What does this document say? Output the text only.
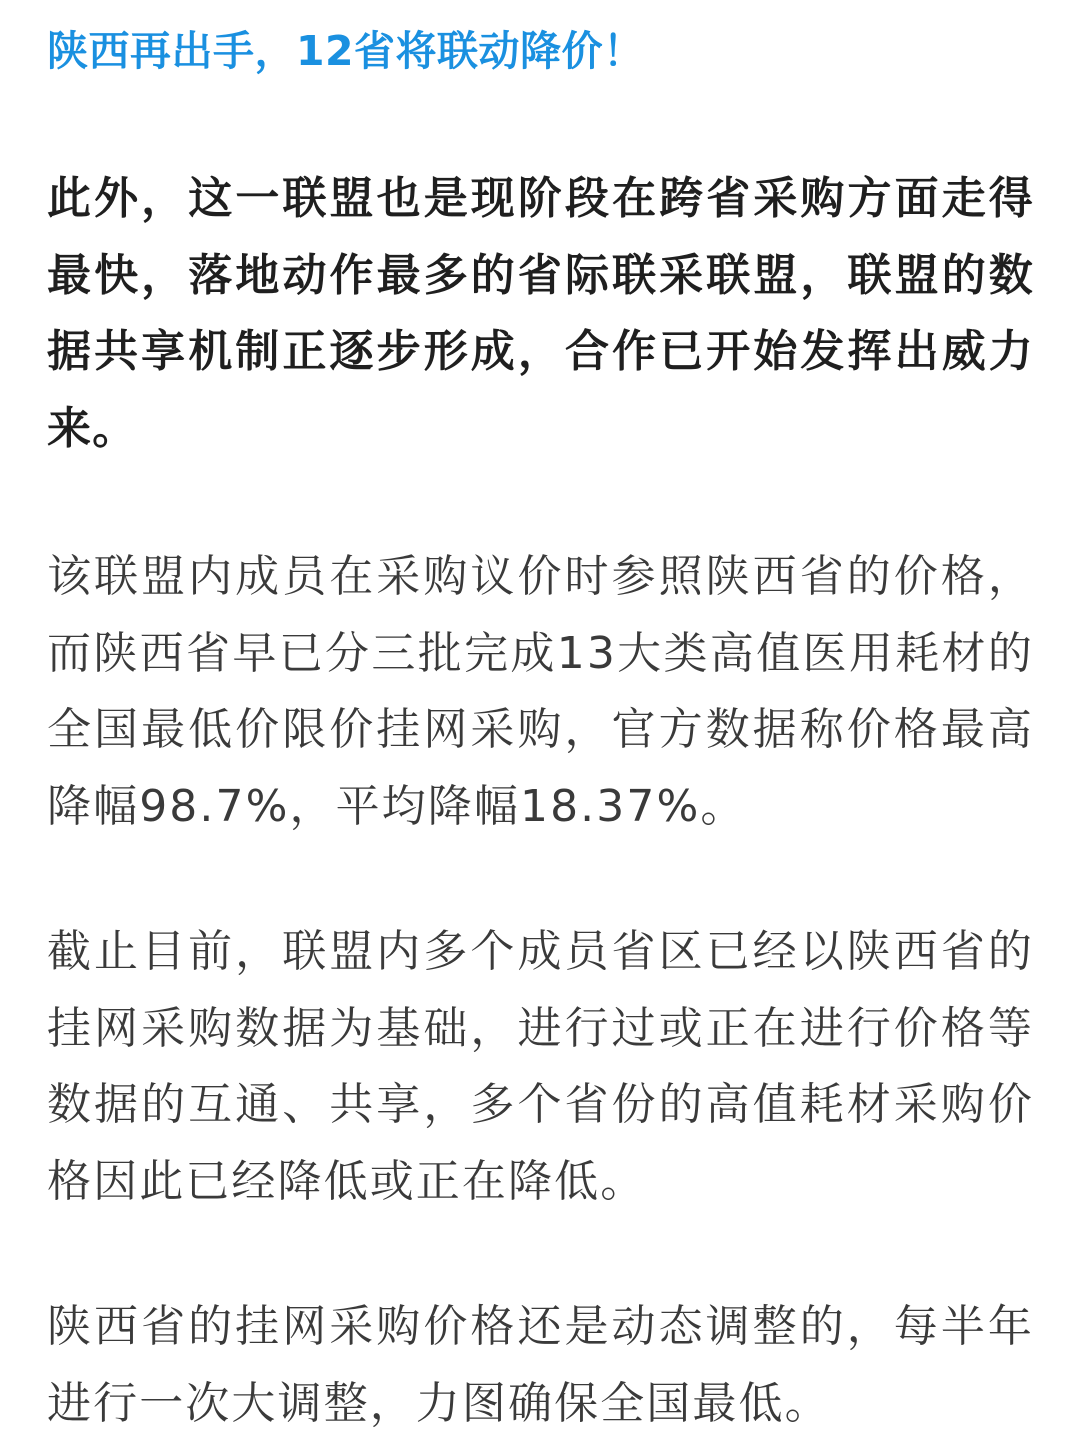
陕西再出手，12省将联动降价！

此外，这一联盟也是现阶段在跨省采购方面走得最快，落地动作最多的省际联采联盟，联盟的数据共享机制正逐步形成，合作已开始发挥出威力来。

该联盟内成员在采购议价时参照陕西省的价格，而陕西省早已分三批完成13大类高值医用耗材的全国最低价限价挂网采购，官方数据称价格最高降幅98.7%，平均降幅18.37%。

截止目前，联盟内多个成员省区已经以陕西省的挂网采购数据为基础，进行过或正在进行价格等数据的互通、共享，多个省份的高值耗材采购价格因此已经降低或正在降低。

陕西省的挂网采购价格还是动态调整的，每半年进行一次大调整，力图确保全国最低。
